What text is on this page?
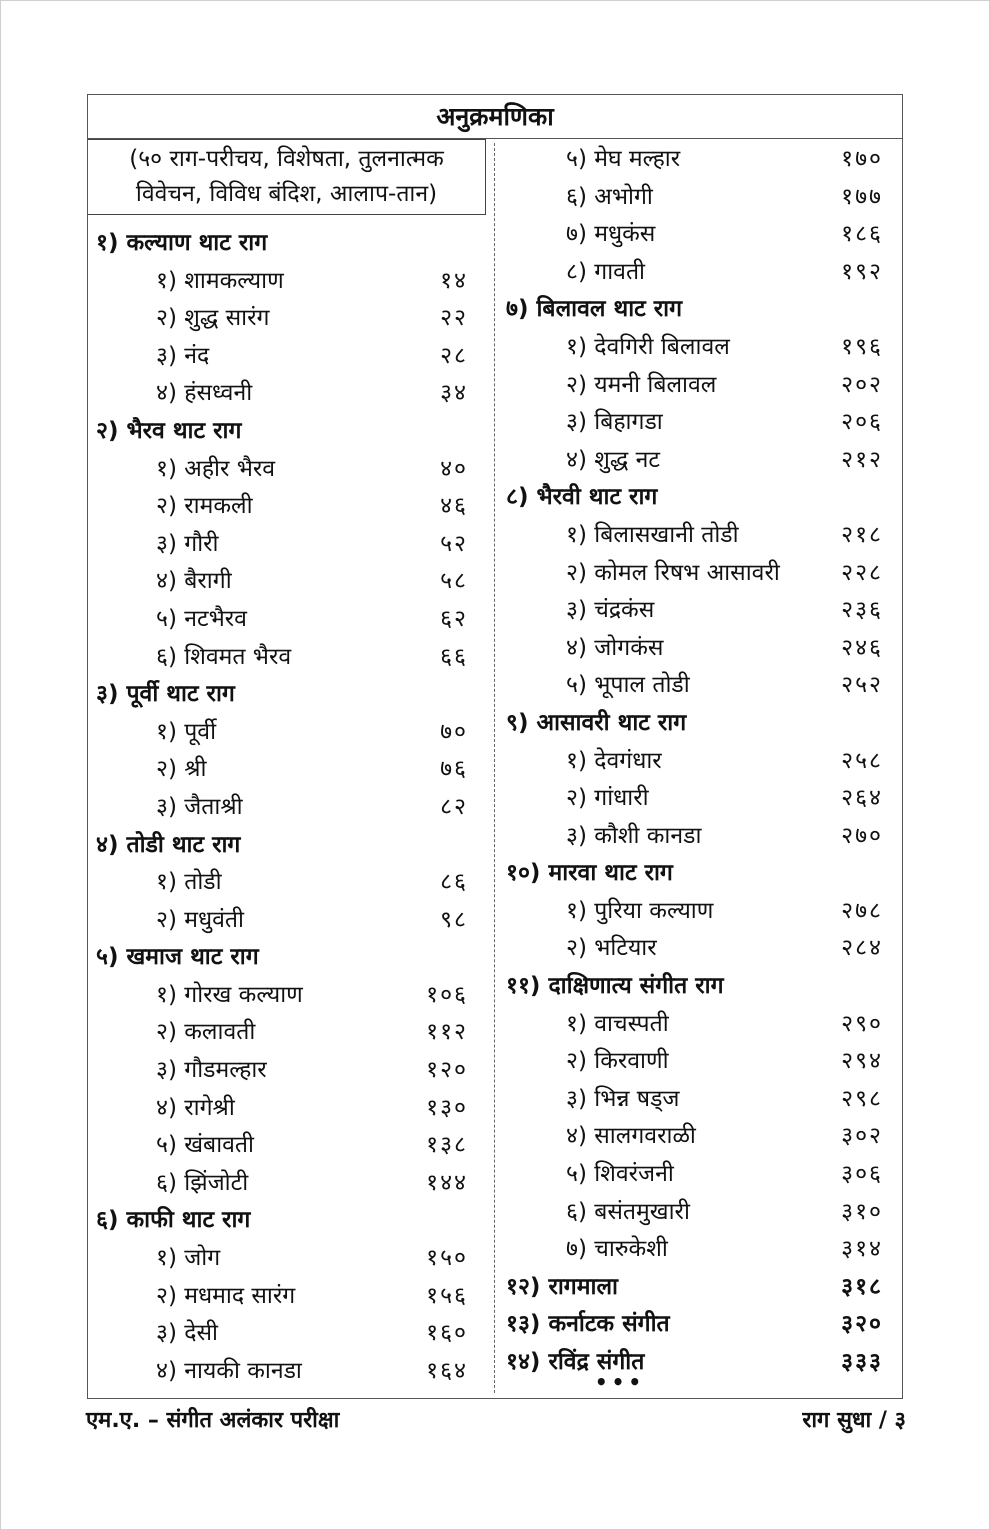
अनुक्रमणिका
(५० राग-परीचय, विशेषता, तुलनात्मक
विवेचन, विविध बंदिश, आलाप-तान)
१) कल्याण थाट राग
१) शामकल्याण	१४
२) शुद्ध सारंग	२२
३) नंद	२८
४) हंसध्वनी	३४
२) भैरव थाट राग
१) अहीर भैरव	४०
२) रामकली	४६
३) गौरी	५२
४) बैरागी	५८
५) नटभैरव	६२
६) शिवमत भैरव	६६
३) पूर्वी थाट राग
१) पूर्वी	७०
२) श्री	७६
३) जैताश्री	८२
४) तोडी थाट राग
१) तोडी	८६
२) मधुवंती	९८
५) खमाज थाट राग
१) गोरख कल्याण	१०६
२) कलावती	११२
३) गौडमल्हार	१२०
४) रागेश्री	१३०
५) खंबावती	१३८
६) झिंजोटी	१४४
६) काफी थाट राग
१) जोग	१५०
२) मधमाद सारंग	१५६
३) देसी	१६०
४) नायकी कानडा	१६४
५) मेघ मल्हार	१७०
६) अभोगी	१७७
७) मधुकंस	१८६
८) गावती	१९२
७) बिलावल थाट राग
१) देवगिरी बिलावल	१९६
२) यमनी बिलावल	२०२
३) बिहागडा	२०६
४) शुद्ध नट	२१२
८) भैरवी थाट राग
१) बिलासखानी तोडी	२१८
२) कोमल रिषभ आसावरी	२२८
३) चंद्रकंस	२३६
४) जोगकंस	२४६
५) भूपाल तोडी	२५२
९) आसावरी थाट राग
१) देवगंधार	२५८
२) गांधारी	२६४
३) कौशी कानडा	२७०
१०) मारवा थाट राग
१) पुरिया कल्याण	२७८
२) भटियार	२८४
११) दाक्षिणात्य संगीत राग
१) वाचस्पती	२९०
२) किरवाणी	२९४
३) भिन्न षड्ज	२९८
४) सालगवराळी	३०२
५) शिवरंजनी	३०६
६) बसंतमुखारी	३१०
७) चारुकेशी	३१४
१२) रागमाला	३१८
१३) कर्नाटक संगीत	३२०
१४) रविंद्र संगीत	३३३
•••
एम.ए. – संगीत अलंकार परीक्षा	राग सुधा / ३
